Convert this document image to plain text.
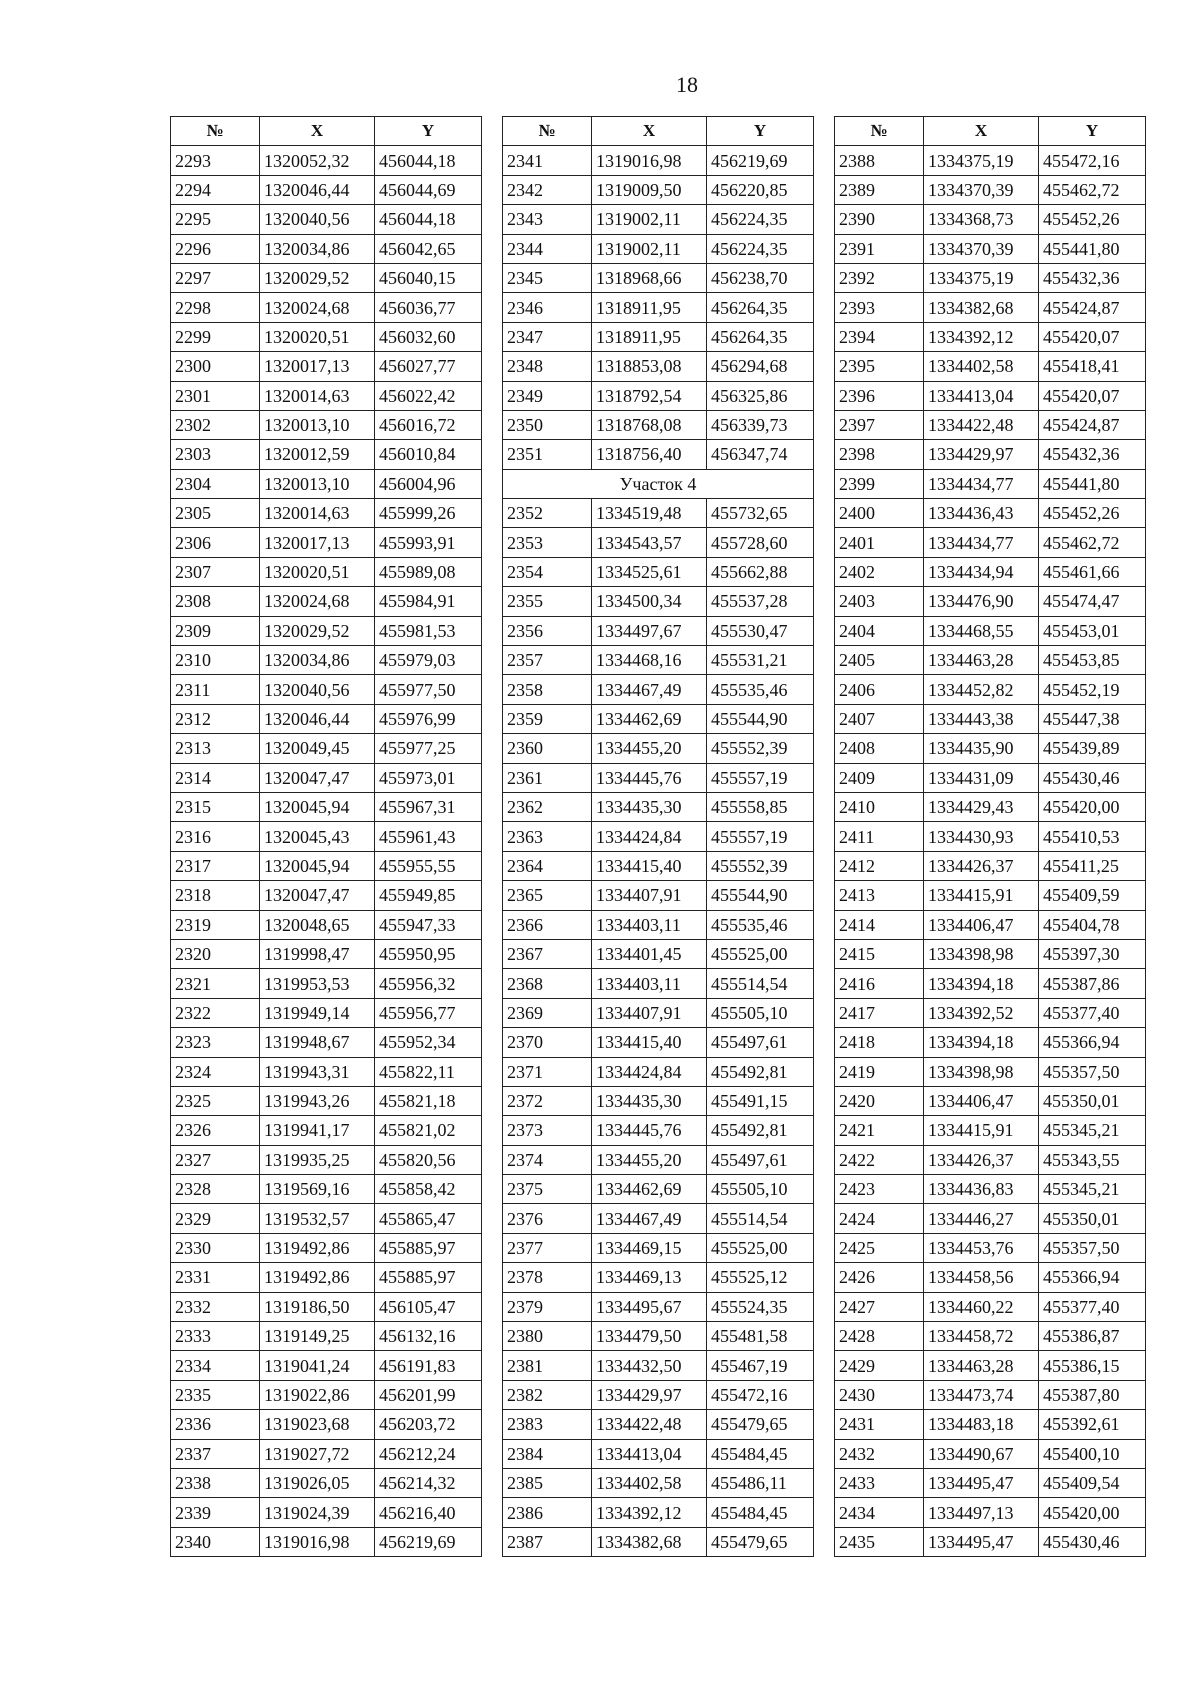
18
№	X	Y
2293	1320052,32	456044,18
2294	1320046,44	456044,69
2295	1320040,56	456044,18
2296	1320034,86	456042,65
2297	1320029,52	456040,15
2298	1320024,68	456036,77
2299	1320020,51	456032,60
2300	1320017,13	456027,77
2301	1320014,63	456022,42
2302	1320013,10	456016,72
2303	1320012,59	456010,84
2304	1320013,10	456004,96
2305	1320014,63	455999,26
2306	1320017,13	455993,91
2307	1320020,51	455989,08
2308	1320024,68	455984,91
2309	1320029,52	455981,53
2310	1320034,86	455979,03
2311	1320040,56	455977,50
2312	1320046,44	455976,99
2313	1320049,45	455977,25
2314	1320047,47	455973,01
2315	1320045,94	455967,31
2316	1320045,43	455961,43
2317	1320045,94	455955,55
2318	1320047,47	455949,85
2319	1320048,65	455947,33
2320	1319998,47	455950,95
2321	1319953,53	455956,32
2322	1319949,14	455956,77
2323	1319948,67	455952,34
2324	1319943,31	455822,11
2325	1319943,26	455821,18
2326	1319941,17	455821,02
2327	1319935,25	455820,56
2328	1319569,16	455858,42
2329	1319532,57	455865,47
2330	1319492,86	455885,97
2331	1319492,86	455885,97
2332	1319186,50	456105,47
2333	1319149,25	456132,16
2334	1319041,24	456191,83
2335	1319022,86	456201,99
2336	1319023,68	456203,72
2337	1319027,72	456212,24
2338	1319026,05	456214,32
2339	1319024,39	456216,40
2340	1319016,98	456219,69
№	X	Y
2341	1319016,98	456219,69
2342	1319009,50	456220,85
2343	1319002,11	456224,35
2344	1319002,11	456224,35
2345	1318968,66	456238,70
2346	1318911,95	456264,35
2347	1318911,95	456264,35
2348	1318853,08	456294,68
2349	1318792,54	456325,86
2350	1318768,08	456339,73
2351	1318756,40	456347,74
Участок 4		
2352	1334519,48	455732,65
2353	1334543,57	455728,60
2354	1334525,61	455662,88
2355	1334500,34	455537,28
2356	1334497,67	455530,47
2357	1334468,16	455531,21
2358	1334467,49	455535,46
2359	1334462,69	455544,90
2360	1334455,20	455552,39
2361	1334445,76	455557,19
2362	1334435,30	455558,85
2363	1334424,84	455557,19
2364	1334415,40	455552,39
2365	1334407,91	455544,90
2366	1334403,11	455535,46
2367	1334401,45	455525,00
2368	1334403,11	455514,54
2369	1334407,91	455505,10
2370	1334415,40	455497,61
2371	1334424,84	455492,81
2372	1334435,30	455491,15
2373	1334445,76	455492,81
2374	1334455,20	455497,61
2375	1334462,69	455505,10
2376	1334467,49	455514,54
2377	1334469,15	455525,00
2378	1334469,13	455525,12
2379	1334495,67	455524,35
2380	1334479,50	455481,58
2381	1334432,50	455467,19
2382	1334429,97	455472,16
2383	1334422,48	455479,65
2384	1334413,04	455484,45
2385	1334402,58	455486,11
2386	1334392,12	455484,45
2387	1334382,68	455479,65
№	X	Y
2388	1334375,19	455472,16
2389	1334370,39	455462,72
2390	1334368,73	455452,26
2391	1334370,39	455441,80
2392	1334375,19	455432,36
2393	1334382,68	455424,87
2394	1334392,12	455420,07
2395	1334402,58	455418,41
2396	1334413,04	455420,07
2397	1334422,48	455424,87
2398	1334429,97	455432,36
2399	1334434,77	455441,80
2400	1334436,43	455452,26
2401	1334434,77	455462,72
2402	1334434,94	455461,66
2403	1334476,90	455474,47
2404	1334468,55	455453,01
2405	1334463,28	455453,85
2406	1334452,82	455452,19
2407	1334443,38	455447,38
2408	1334435,90	455439,89
2409	1334431,09	455430,46
2410	1334429,43	455420,00
2411	1334430,93	455410,53
2412	1334426,37	455411,25
2413	1334415,91	455409,59
2414	1334406,47	455404,78
2415	1334398,98	455397,30
2416	1334394,18	455387,86
2417	1334392,52	455377,40
2418	1334394,18	455366,94
2419	1334398,98	455357,50
2420	1334406,47	455350,01
2421	1334415,91	455345,21
2422	1334426,37	455343,55
2423	1334436,83	455345,21
2424	1334446,27	455350,01
2425	1334453,76	455357,50
2426	1334458,56	455366,94
2427	1334460,22	455377,40
2428	1334458,72	455386,87
2429	1334463,28	455386,15
2430	1334473,74	455387,80
2431	1334483,18	455392,61
2432	1334490,67	455400,10
2433	1334495,47	455409,54
2434	1334497,13	455420,00
2435	1334495,47	455430,46
